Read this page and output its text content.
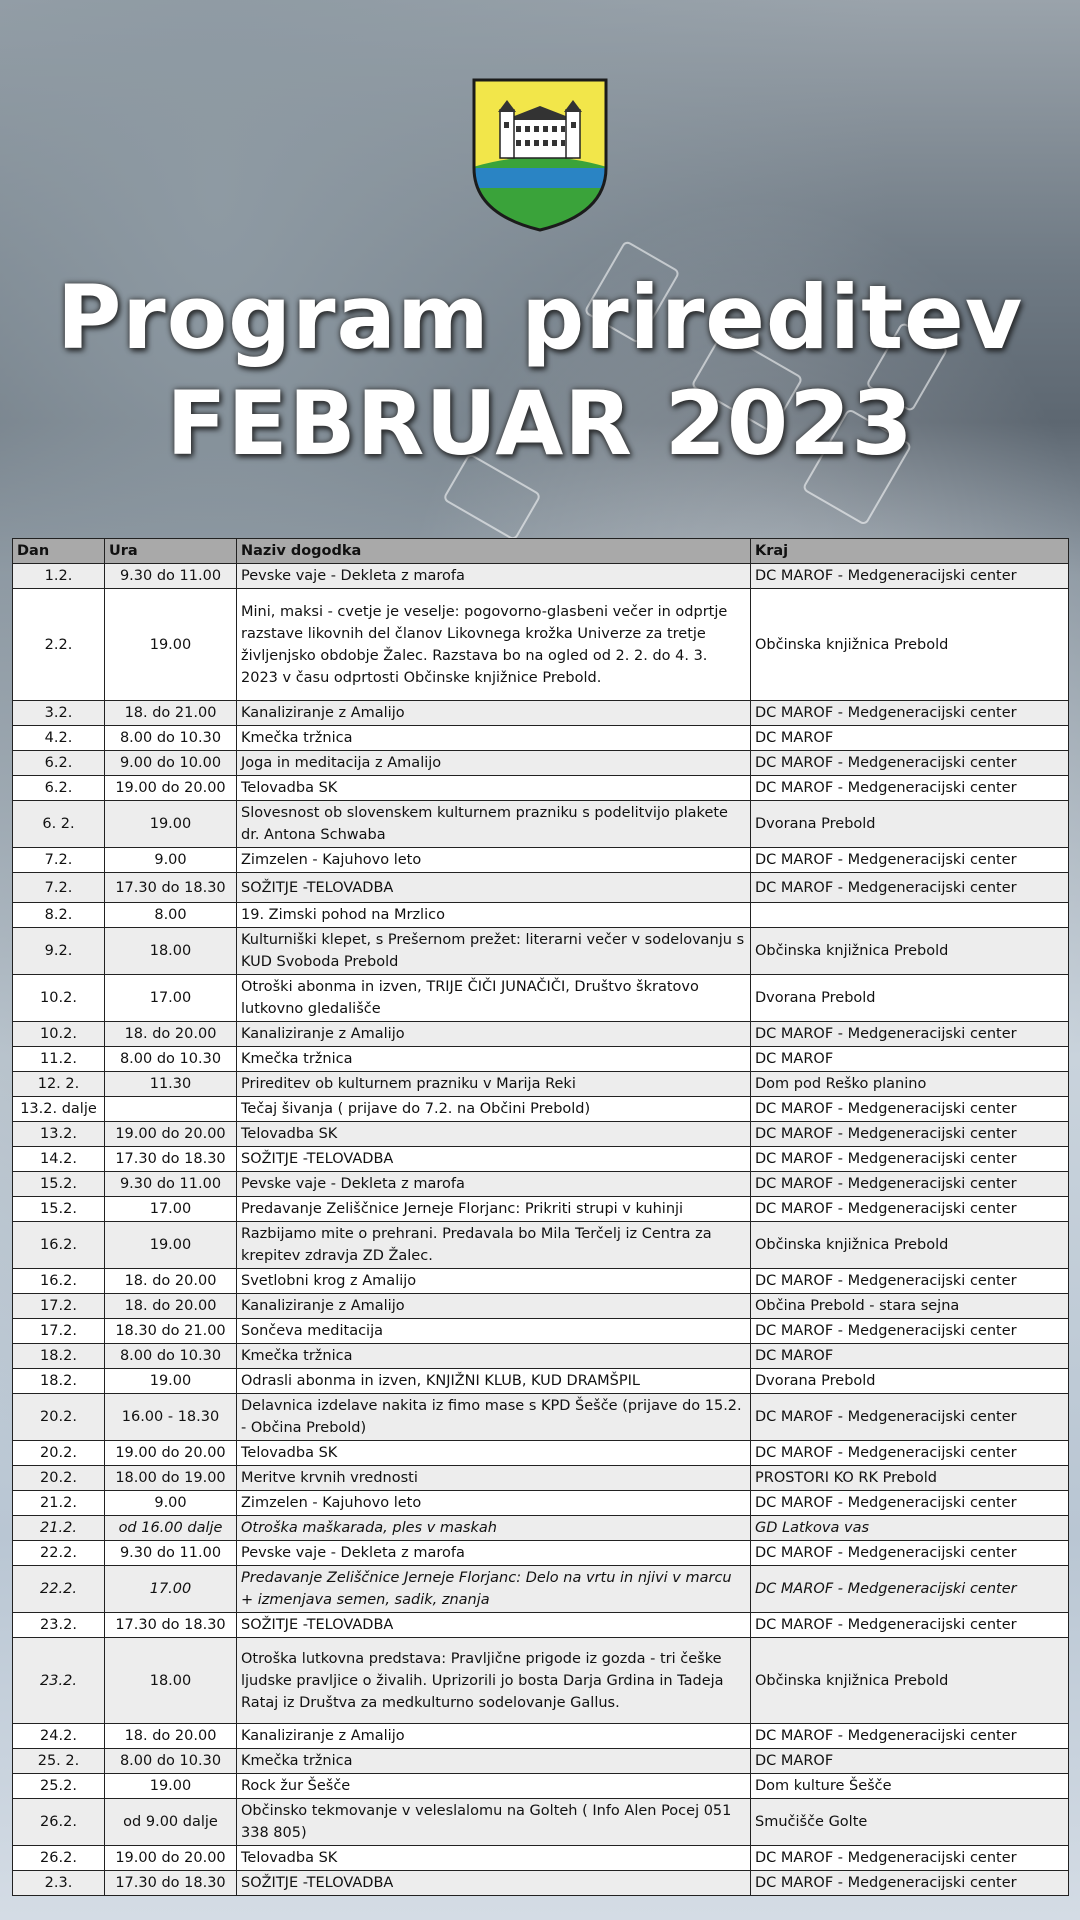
Program prireditev
FEBRUAR 2023
Dan	Ura	Naziv dogodka	Kraj
1.2.	9.30 do 11.00	Pevske vaje - Dekleta z marofa	DC MAROF - Medgeneracijski center
2.2.	19.00	Mini, maksi - cvetje je veselje: pogovorno-glasbeni večer in odprtje razstave likovnih del članov Likovnega krožka Univerze za tretje življenjsko obdobje Žalec. Razstava bo na ogled od 2. 2. do 4. 3. 2023 v času odprtosti Občinske knjižnice Prebold.	Občinska knjižnica Prebold
3.2.	18. do 21.00	Kanaliziranje z Amalijo	DC MAROF - Medgeneracijski center
4.2.	8.00 do 10.30	Kmečka tržnica	DC MAROF
6.2.	9.00 do 10.00	Joga in meditacija z Amalijo	DC MAROF - Medgeneracijski center
6.2.	19.00 do 20.00	Telovadba SK	DC MAROF - Medgeneracijski center
6. 2.	19.00	Slovesnost ob slovenskem kulturnem prazniku s podelitvijo plakete dr. Antona Schwaba	Dvorana Prebold
7.2.	9.00	Zimzelen - Kajuhovo leto	DC MAROF - Medgeneracijski center
7.2.	17.30 do 18.30	SOŽITJE -TELOVADBA	DC MAROF - Medgeneracijski center
8.2.	8.00	19. Zimski pohod na Mrzlico	
9.2.	18.00	Kulturniški klepet, s Prešernom prežet: literarni večer v sodelovanju s KUD Svoboda Prebold	Občinska knjižnica Prebold
10.2.	17.00	Otroški abonma in izven, TRIJE ČIČI JUNAČIČI, Društvo škratovo lutkovno gledališče	Dvorana Prebold
10.2.	18. do 20.00	Kanaliziranje z Amalijo	DC MAROF - Medgeneracijski center
11.2.	8.00 do 10.30	Kmečka tržnica	DC MAROF
12. 2.	11.30	Prireditev ob kulturnem prazniku v Marija Reki	Dom pod Reško planino
13.2. dalje		Tečaj šivanja ( prijave do 7.2. na Občini Prebold)	DC MAROF - Medgeneracijski center
13.2.	19.00 do 20.00	Telovadba SK	DC MAROF - Medgeneracijski center
14.2.	17.30 do 18.30	SOŽITJE -TELOVADBA	DC MAROF - Medgeneracijski center
15.2.	9.30 do 11.00	Pevske vaje - Dekleta z marofa	DC MAROF - Medgeneracijski center
15.2.	17.00	Predavanje Zeliščnice Jerneje Florjanc: Prikriti strupi v kuhinji	DC MAROF - Medgeneracijski center
16.2.	19.00	Razbijamo mite o prehrani. Predavala bo Mila Terčelj iz Centra za krepitev zdravja ZD Žalec.	Občinska knjižnica Prebold
16.2.	18. do 20.00	Svetlobni krog z Amalijo	DC MAROF - Medgeneracijski center
17.2.	18. do 20.00	Kanaliziranje z Amalijo	Občina Prebold - stara sejna
17.2.	18.30 do 21.00	Sončeva meditacija	DC MAROF - Medgeneracijski center
18.2.	8.00 do 10.30	Kmečka tržnica	DC MAROF
18.2.	19.00	Odrasli abonma in izven, KNJIŽNI KLUB, KUD DRAMŠPIL	Dvorana Prebold
20.2.	16.00 - 18.30	Delavnica izdelave nakita iz fimo mase s KPD Šešče (prijave do 15.2. - Občina Prebold)	DC MAROF - Medgeneracijski center
20.2.	19.00 do 20.00	Telovadba SK	DC MAROF - Medgeneracijski center
20.2.	18.00 do 19.00	Meritve krvnih vrednosti	PROSTORI KO RK Prebold
21.2.	9.00	Zimzelen - Kajuhovo leto	DC MAROF - Medgeneracijski center
21.2.	od 16.00 dalje	Otroška maškarada, ples v maskah	GD Latkova vas
22.2.	9.30 do 11.00	Pevske vaje - Dekleta z marofa	DC MAROF - Medgeneracijski center
22.2.	17.00	Predavanje Zeliščnice Jerneje Florjanc: Delo na vrtu in njivi v marcu + izmenjava semen, sadik, znanja	DC MAROF - Medgeneracijski center
23.2.	17.30 do 18.30	SOŽITJE -TELOVADBA	DC MAROF - Medgeneracijski center
23.2.	18.00	Otroška lutkovna predstava: Pravljične prigode iz gozda - tri češke ljudske pravljice o živalih. Uprizorili jo bosta Darja Grdina in Tadeja Rataj iz Društva za medkulturno sodelovanje Gallus.	Občinska knjižnica Prebold
24.2.	18. do 20.00	Kanaliziranje z Amalijo	DC MAROF - Medgeneracijski center
25. 2.	8.00 do 10.30	Kmečka tržnica	DC MAROF
25.2.	19.00	Rock žur Šešče	Dom kulture Šešče
26.2.	od 9.00 dalje	Občinsko tekmovanje v veleslalomu na Golteh ( Info Alen Pocej 051 338 805)	Smučišče Golte
26.2.	19.00 do 20.00	Telovadba SK	DC MAROF - Medgeneracijski center
2.3.	17.30 do 18.30	SOŽITJE -TELOVADBA	DC MAROF - Medgeneracijski center
